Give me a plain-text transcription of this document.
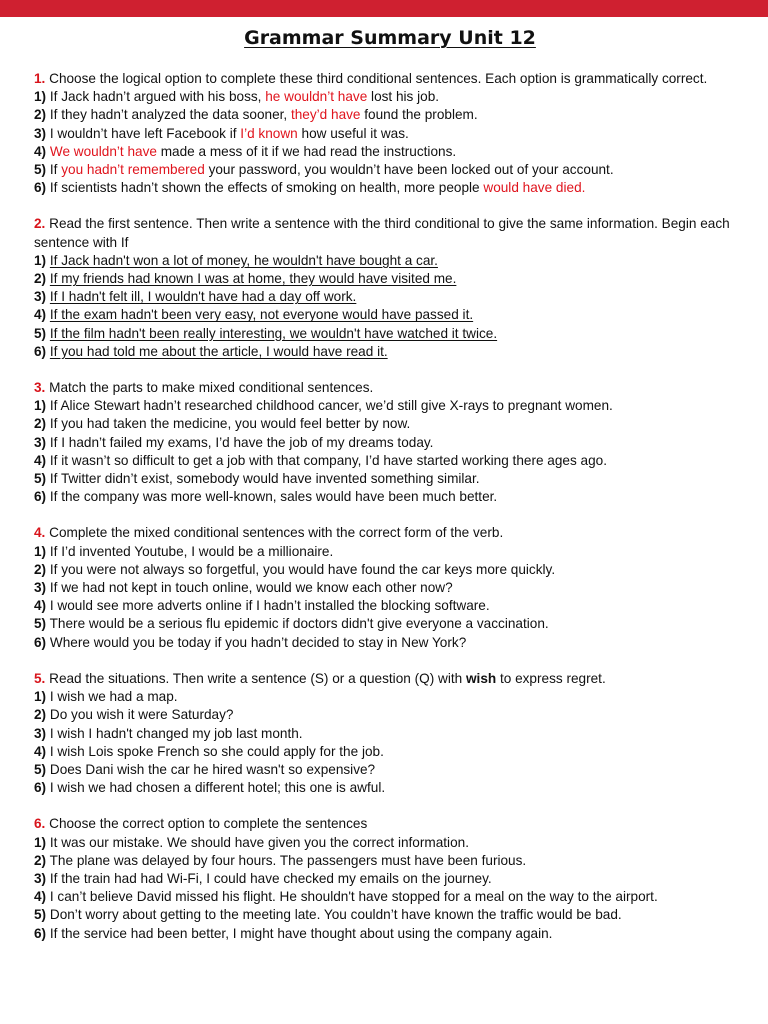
Grammar Summary Unit 12
1. Choose the logical option to complete these third conditional sentences. Each option is grammatically correct.
1) If Jack hadn’t argued with his boss, he wouldn’t have lost his job.
2) If they hadn’t analyzed the data sooner, they’d have found the problem.
3) I wouldn’t have left Facebook if I’d known how useful it was.
4) We wouldn’t have made a mess of it if we had read the instructions.
5) If you hadn’t remembered your password, you wouldn’t have been locked out of your account.
6) If scientists hadn’t shown the effects of smoking on health, more people would have died.
2. Read the first sentence. Then write a sentence with the third conditional to give the same information. Begin each sentence with If
1) If Jack hadn't won a lot of money, he wouldn't have bought a car.
2) If my friends had known I was at home, they would have visited me.
3) If I hadn't felt ill, I wouldn't have had a day off work.
4) If the exam hadn't been very easy, not everyone would have passed it.
5) If the film hadn't been really interesting, we wouldn't have watched it twice.
6) If you had told me about the article, I would have read it.
3. Match the parts to make mixed conditional sentences.
1) If Alice Stewart hadn’t researched childhood cancer, we’d still give X-rays to pregnant women.
2) If you had taken the medicine, you would feel better by now.
3) If I hadn’t failed my exams, I’d have the job of my dreams today.
4) If it wasn’t so difficult to get a job with that company, I’d have started working there ages ago.
5) If Twitter didn’t exist, somebody would have invented something similar.
6) If the company was more well-known, sales would have been much better.
4. Complete the mixed conditional sentences with the correct form of the verb.
1) If I’d invented Youtube, I would be a millionaire.
2) If you were not always so forgetful, you would have found the car keys more quickly.
3) If we had not kept in touch online, would we know each other now?
4) I would see more adverts online if I hadn’t installed the blocking software.
5) There would be a serious flu epidemic if doctors didn't give everyone a vaccination.
6) Where would you be today if you hadn’t decided to stay in New York?
5. Read the situations. Then write a sentence (S) or a question (Q) with wish to express regret.
1) I wish we had a map.
2) Do you wish it were Saturday?
3) I wish I hadn't changed my job last month.
4) I wish Lois spoke French so she could apply for the job.
5) Does Dani wish the car he hired wasn't so expensive?
6) I wish we had chosen a different hotel; this one is awful.
6. Choose the correct option to complete the sentences
1) It was our mistake. We should have given you the correct information.
2) The plane was delayed by four hours. The passengers must have been furious.
3) If the train had had Wi-Fi, I could have checked my emails on the journey.
4) I can’t believe David missed his flight. He shouldn't have stopped for a meal on the way to the airport.
5) Don’t worry about getting to the meeting late. You couldn’t have known the traffic would be bad.
6) If the service had been better, I might have thought about using the company again.
